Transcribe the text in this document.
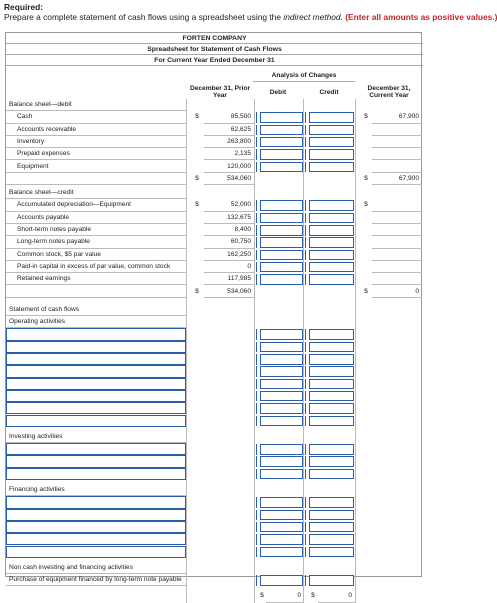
Required:
Prepare a complete statement of cash flows using a spreadsheet using the indirect method. (Enter all amounts as positive values.)
FORTEN COMPANY
Spreadsheet for Statement of Cash Flows
For Current Year Ended December 31
Analysis of Changes
December 31, Prior Year	Debit	Credit
December 31, Current Year
Balance sheet—debit
Cash	$	85,500	$	67,900
Accounts receivable	62,625
Inventory	263,800
Prepaid expenses	2,135
Equipment	120,000
$	534,060	$	67,900
Balance sheet—credit
Accumulated depreciation—Equipment	$	52,000	$
Accounts payable	132,675
Short-term notes payable	8,400
Long-term notes payable	60,750
Common stock, $5 par value	162,250
Paid-in capital in excess of par value, common stock	0
Retained earnings	117,985
$	534,060	$	0
Statement of cash flows
Operating activities
Investing activities
Financing activities
Non cash investing and financing activities
Purchase of equipment financed by long-term note payable
$	0	$	0
